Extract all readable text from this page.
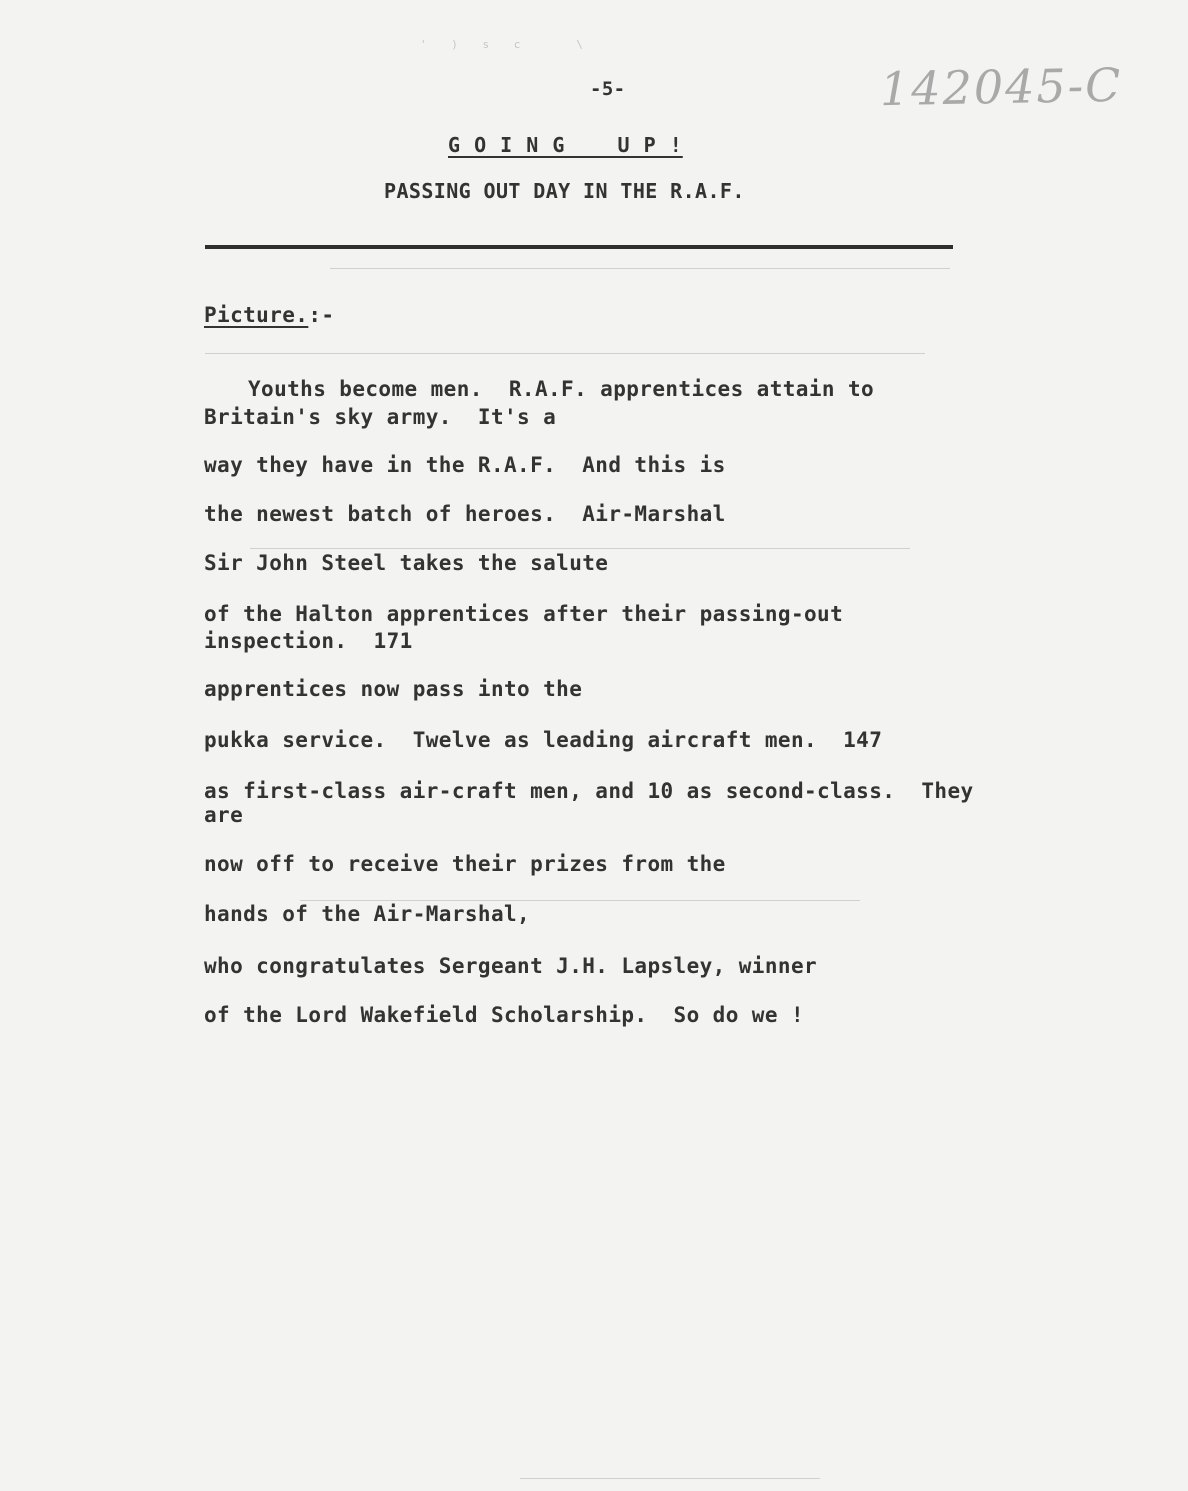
' ) s c   \
142045-C
-5-
G O I N G    U P !
PASSING OUT DAY IN THE R.A.F.
Picture.:-
Youths become men.  R.A.F. apprentices attain to
Britain's sky army.  It's a
way they have in the R.A.F.  And this is
the newest batch of heroes.  Air-Marshal
Sir John Steel takes the salute
of the Halton apprentices after their passing-out
inspection.  171
apprentices now pass into the
pukka service.  Twelve as leading aircraft men.  147
as first-class air-craft men, and 10 as second-class.  They
are
now off to receive their prizes from the
hands of the Air-Marshal,
who congratulates Sergeant J.H. Lapsley, winner
of the Lord Wakefield Scholarship.  So do we !
